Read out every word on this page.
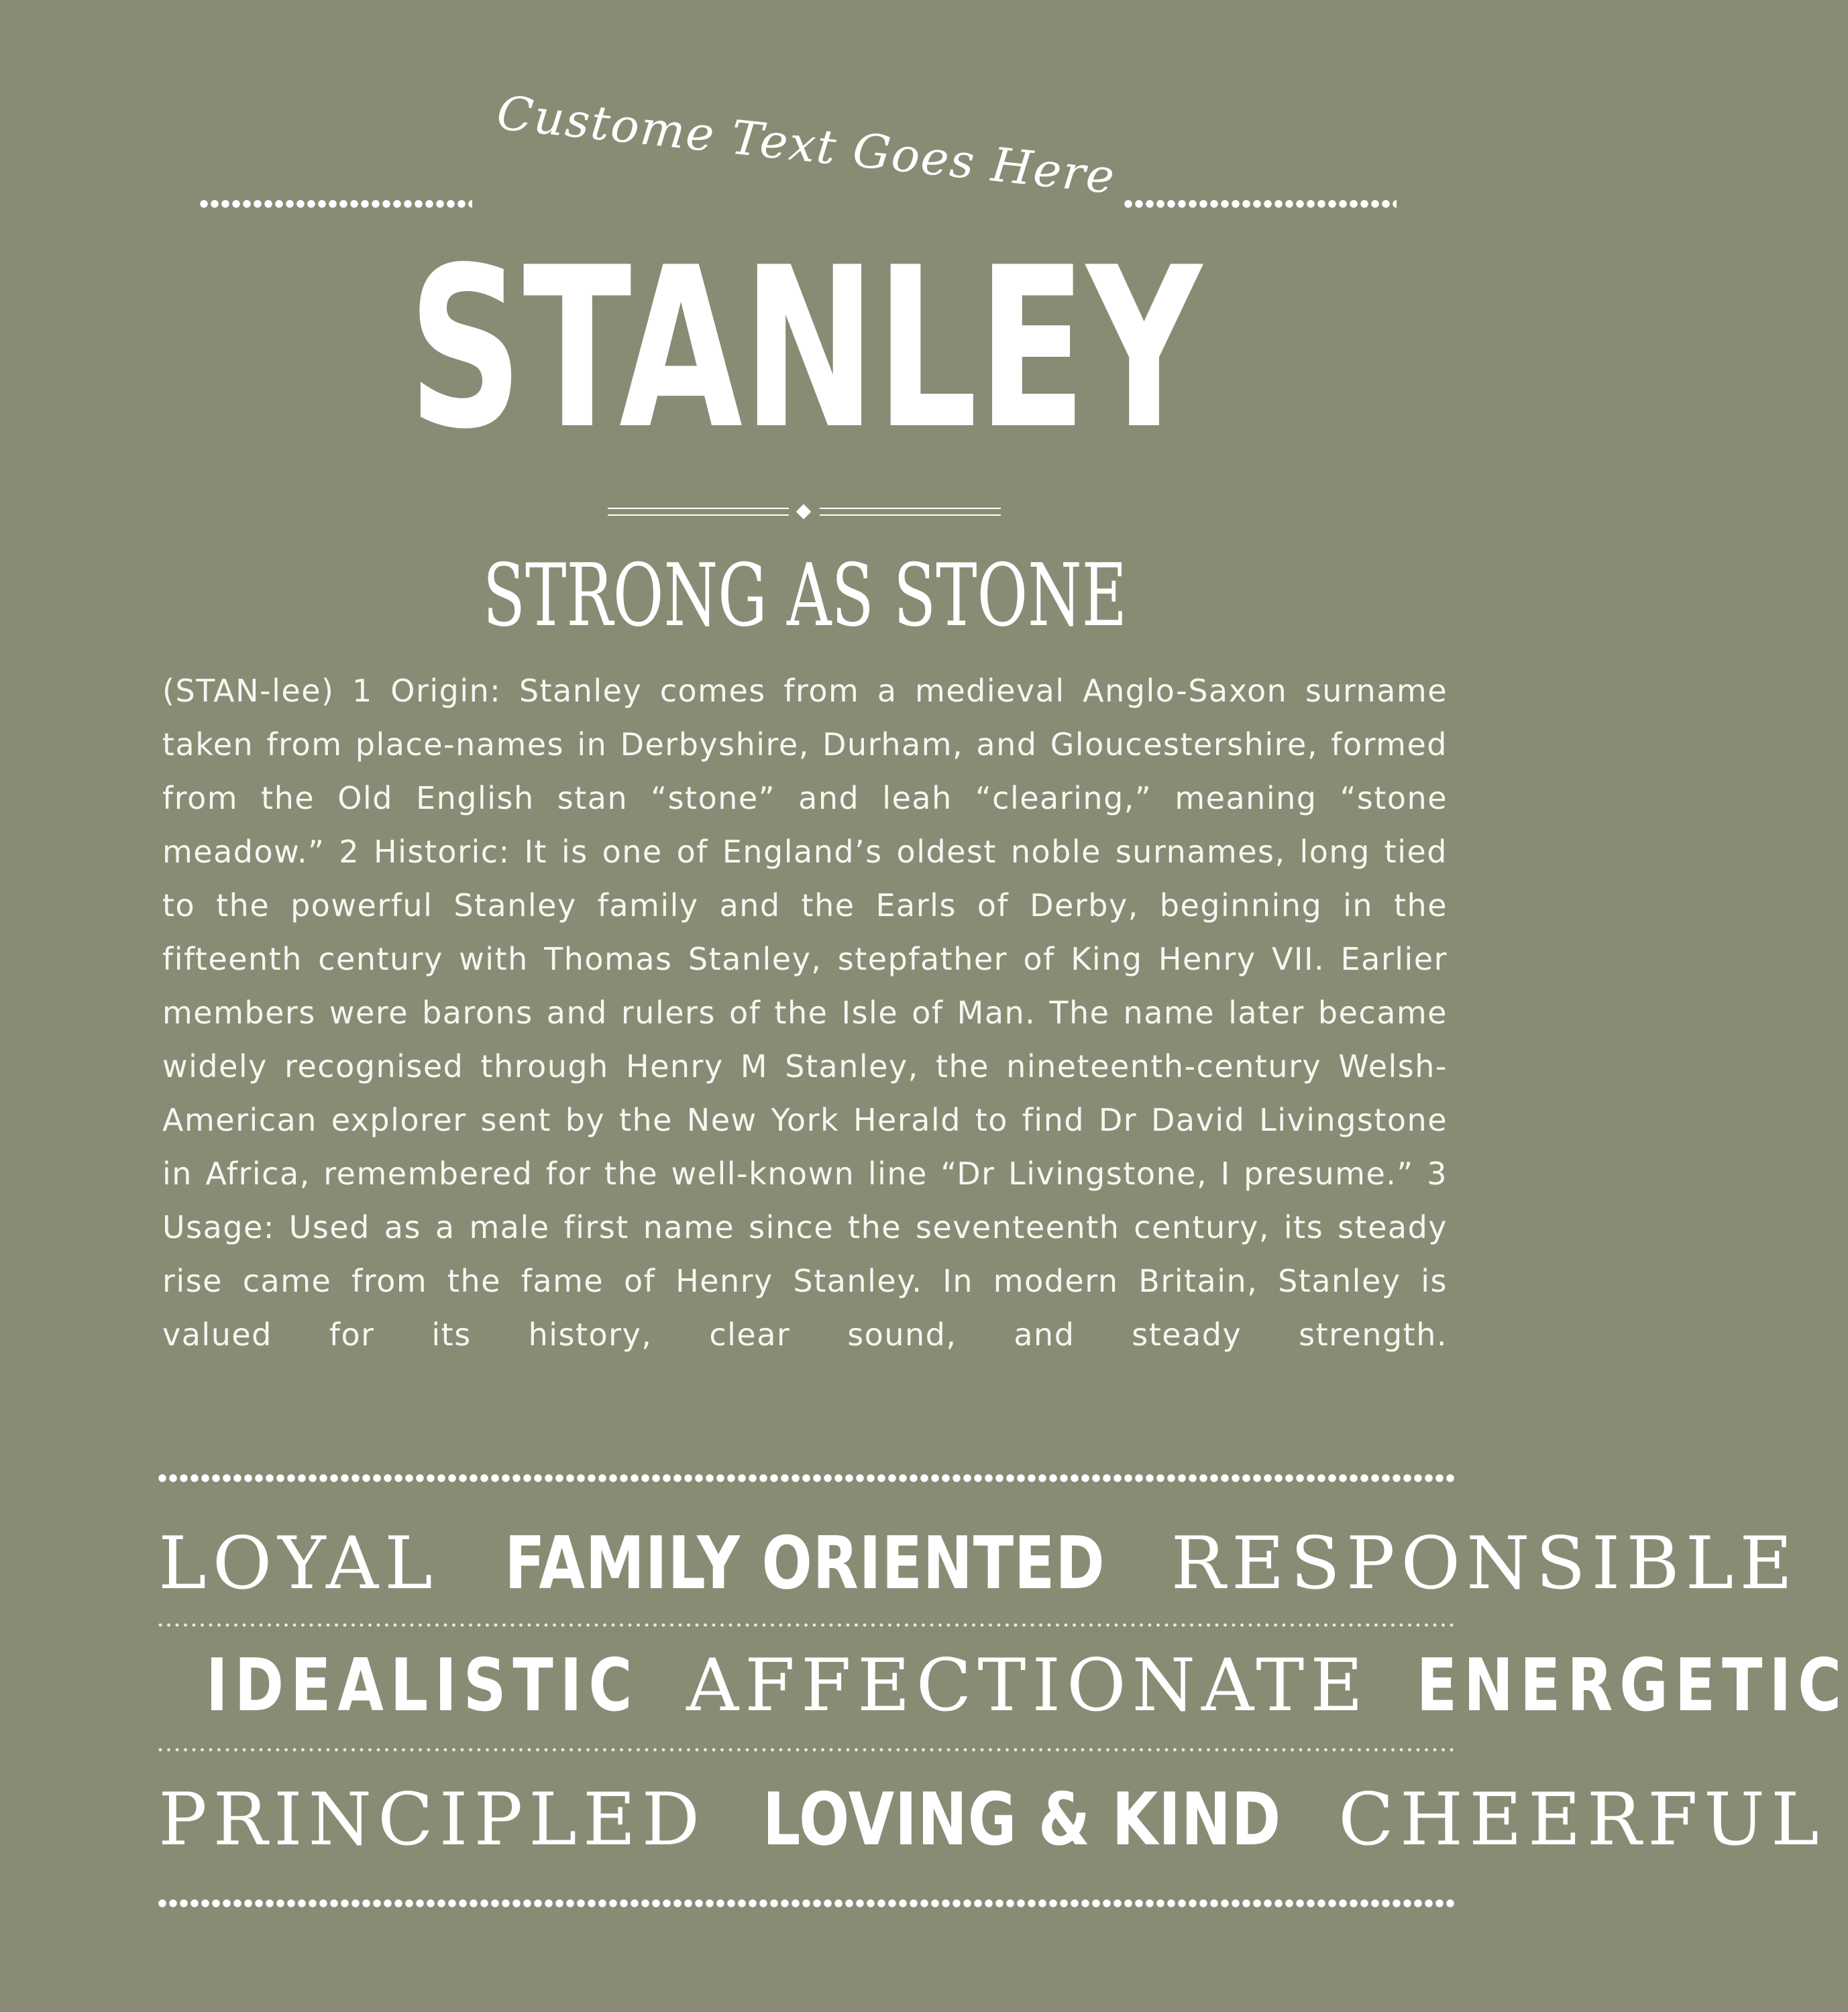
Custome Text Goes Here
STANLEY
STRONG AS STONE
(STAN-lee) 1 Origin: Stanley comes from a medieval Anglo-Saxon surname taken from place-names in Derbyshire, Durham, and Gloucestershire, formed from the Old English stan “stone” and leah “clearing,” meaning “stone meadow.” 2 Historic: It is one of England’s oldest noble surnames, long tied to the powerful Stanley family and the Earls of Derby, beginning in the fifteenth century with Thomas Stanley, stepfather of King Henry VII. Earlier members were barons and rulers of the Isle of Man. The name later became widely recognised through Henry M Stanley, the nineteenth-century Welsh-American explorer sent by the New York Herald to find Dr David Livingstone in Africa, remembered for the well-known line “Dr Livingstone, I presume.” 3 Usage: Used as a male first name since the seventeenth century, its steady rise came from the fame of Henry Stanley. In modern Britain, Stanley is valued for its history, clear sound, and steady strength.
LOYAL FAMILY ORIENTED RESPONSIBLE
IDEALISTIC AFFECTIONATE ENERGETIC
PRINCIPLED LOVING & KIND CHEERFUL
